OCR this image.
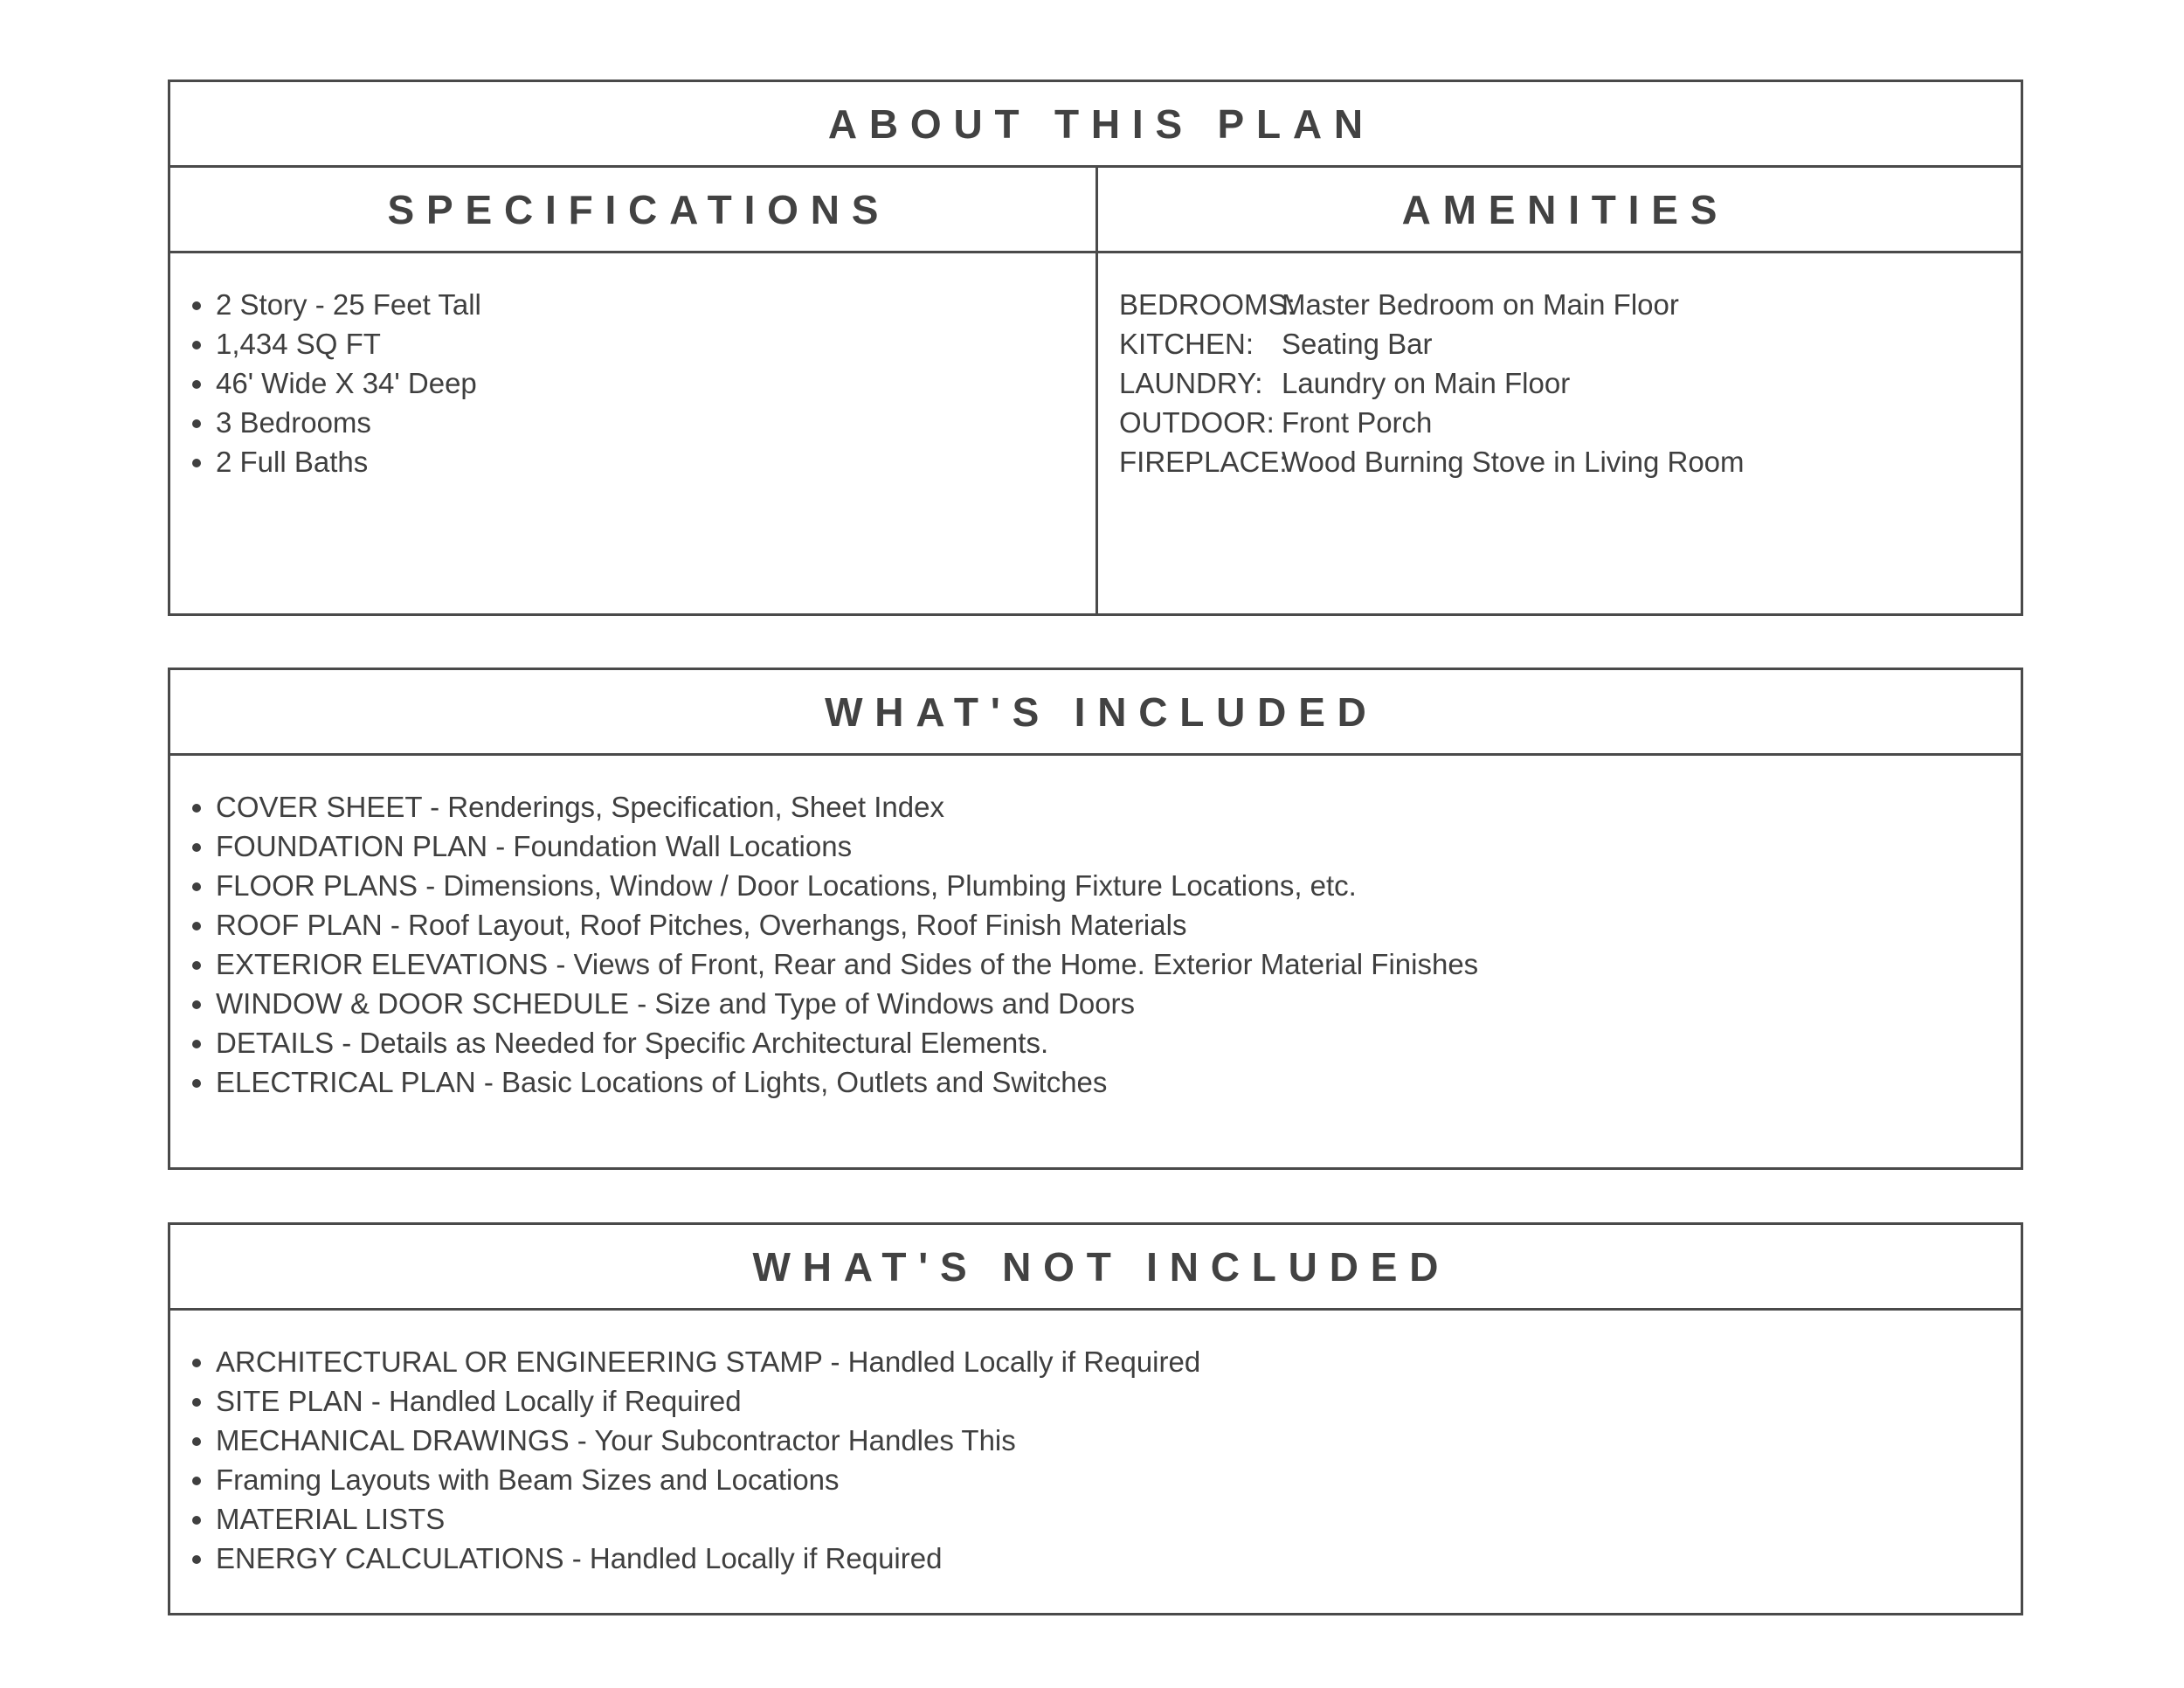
ABOUT THIS PLAN
SPECIFICATIONS
2 Story - 25 Feet Tall
1,434 SQ FT
46' Wide X 34' Deep
3 Bedrooms
2 Full Baths
AMENITIES
BEDROOMS:
Master Bedroom on Main Floor
KITCHEN: Seating Bar
LAUNDRY: Laundry on Main Floor
OUTDOOR: Front Porch
FIREPLACE:
Wood Burning Stove in Living Room
WHAT'S INCLUDED
COVER SHEET - Renderings, Specification, Sheet Index
FOUNDATION PLAN - Foundation Wall Locations
FLOOR PLANS - Dimensions, Window / Door Locations, Plumbing Fixture Locations, etc.
ROOF PLAN - Roof Layout, Roof Pitches, Overhangs, Roof Finish Materials
EXTERIOR ELEVATIONS - Views of Front, Rear and Sides of the Home. Exterior Material Finishes
WINDOW & DOOR SCHEDULE - Size and Type of Windows and Doors
DETAILS - Details as Needed for Specific Architectural Elements.
ELECTRICAL PLAN - Basic Locations of Lights, Outlets and Switches
WHAT'S NOT INCLUDED
ARCHITECTURAL OR ENGINEERING STAMP - Handled Locally if Required
SITE PLAN - Handled Locally if Required
MECHANICAL DRAWINGS - Your Subcontractor Handles This
Framing Layouts with Beam Sizes and Locations
MATERIAL LISTS
ENERGY CALCULATIONS - Handled Locally if Required
